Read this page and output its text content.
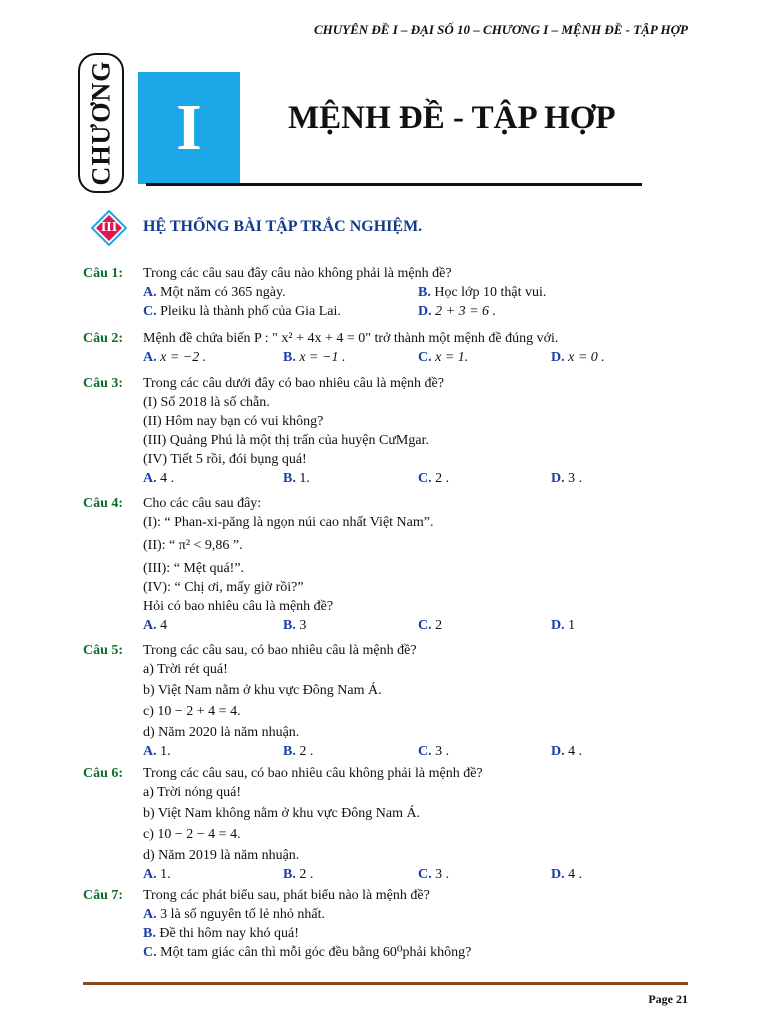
CHUYÊN ĐỀ I – ĐẠI SỐ 10 – CHƯƠNG I – MỆNH ĐỀ - TẬP HỢP
CHƯƠNG I	MỆNH ĐỀ - TẬP HỢP
III	HỆ THỐNG BÀI TẬP TRẮC NGHIỆM.
Câu 1: Trong các câu sau đây câu nào không phải là mệnh đề?
A. Một năm có 365 ngày.	B. Học lớp 10 thật vui.
C. Pleiku là thành phố của Gia Lai.	D. 2 + 3 = 6 .
Câu 2: Mệnh đề chứa biến P : " x² + 4x + 4 = 0" trở thành một mệnh đề đúng với.
A. x = −2 .	B. x = −1 .	C. x = 1.	D. x = 0 .
Câu 3: Trong các câu dưới đây có bao nhiêu câu là mệnh đề?
(I) Số 2018 là số chẵn.
(II) Hôm nay bạn có vui không?
(III) Quảng Phú là một thị trấn của huyện CưMgar.
(IV) Tiết 5 rồi, đói bụng quá!
A. 4 .	B. 1.	C. 2 .	D. 3 .
Câu 4: Cho các câu sau đây:
(I): “ Phan-xi-păng là ngọn núi cao nhất Việt Nam”.
(II): “ π² < 9,86 ”.
(III): “ Mệt quá!”.
(IV): “ Chị ơi, mấy giờ rồi?”
Hỏi có bao nhiêu câu là mệnh đề?
A. 4	B. 3	C. 2	D. 1
Câu 5: Trong các câu sau, có bao nhiêu câu là mệnh đề?
a) Trời rét quá!
b) Việt Nam nằm ở khu vực Đông Nam Á.
c) 10 − 2 + 4 = 4.
d) Năm 2020 là năm nhuận.
A. 1.	B. 2 .	C. 3 .	D. 4 .
Câu 6: Trong các câu sau, có bao nhiêu câu không phải là mệnh đề?
a) Trời nóng quá!
b) Việt Nam không nằm ở khu vực Đông Nam Á.
c) 10 − 2 − 4 = 4.
d) Năm 2019 là năm nhuận.
A. 1.	B. 2 .	C. 3 .	D. 4 .
Câu 7: Trong các phát biểu sau, phát biểu nào là mệnh đề?
A. 3 là số nguyên tố lẻ nhỏ nhất.
B. Đề thi hôm nay khó quá!
C. Một tam giác cân thì mỗi góc đều bằng 60⁰phải không?
Page 21
